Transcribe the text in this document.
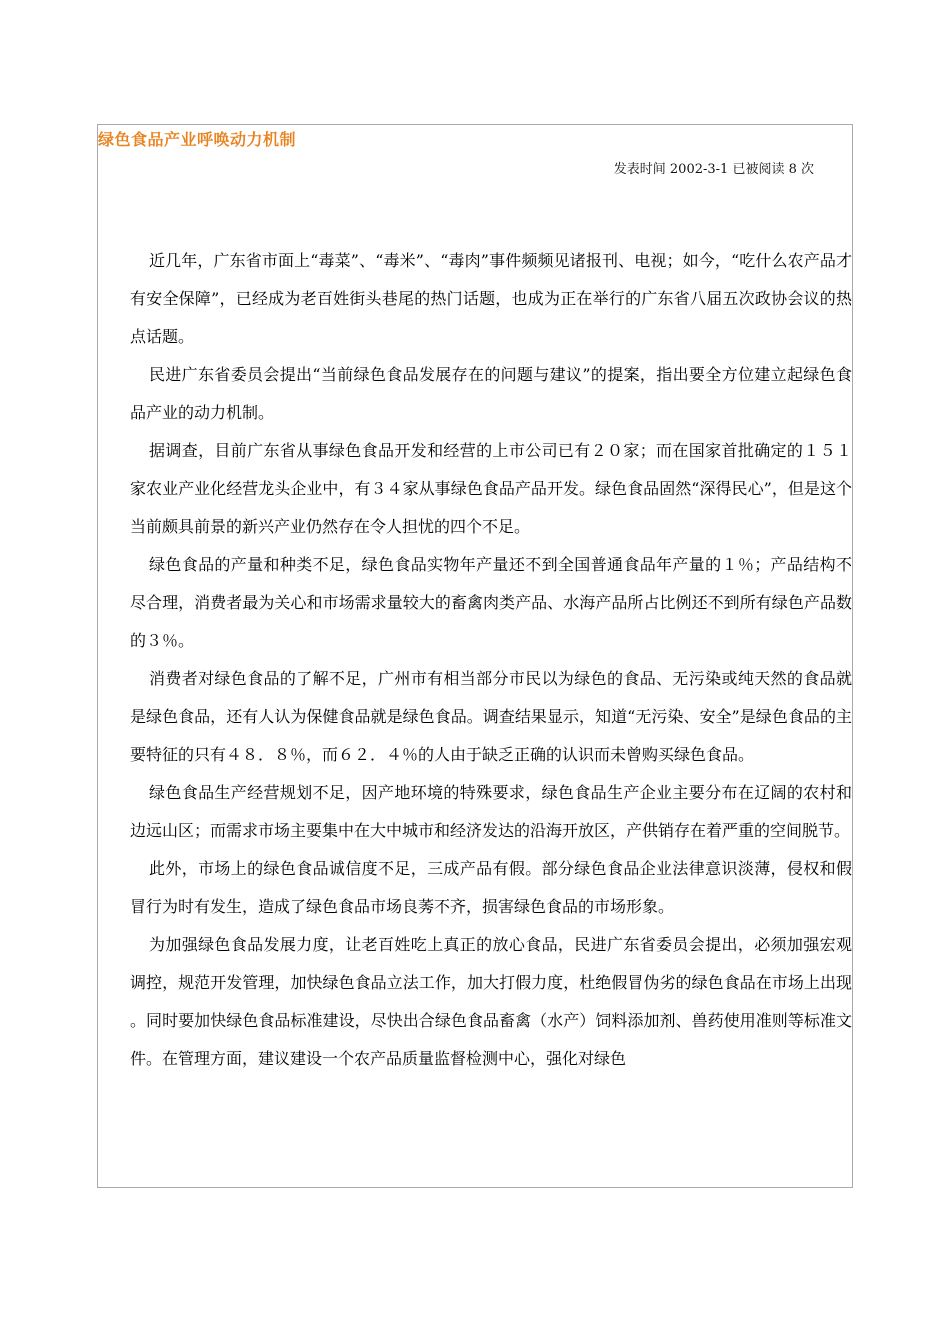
绿色食品产业呼唤动力机制
发表时间 2002-3-1 已被阅读 8 次

近几年，广东省市面上“毒菜”、“毒米”、“毒肉”事件频频见诸报刊、电视；如今，“吃什么农产品才有安全保障”，已经成为老百姓街头巷尾的热门话题，也成为正在举行的广东省八届五次政协会议的热点话题。

民进广东省委员会提出“当前绿色食品发展存在的问题与建议”的提案，指出要全方位建立起绿色食品产业的动力机制。

据调查，目前广东省从事绿色食品开发和经营的上市公司已有２０家；而在国家首批确定的１５１家农业产业化经营龙头企业中，有３４家从事绿色食品产品开发。绿色食品固然“深得民心”，但是这个当前颇具前景的新兴产业仍然存在令人担忧的四个不足。

绿色食品的产量和种类不足，绿色食品实物年产量还不到全国普通食品年产量的１％；产品结构不尽合理，消费者最为关心和市场需求量较大的畜禽肉类产品、水海产品所占比例还不到所有绿色产品数的３％。

消费者对绿色食品的了解不足，广州市有相当部分市民以为绿色的食品、无污染或纯天然的食品就是绿色食品，还有人认为保健食品就是绿色食品。调查结果显示，知道“无污染、安全”是绿色食品的主要特征的只有４８．８％，而６２．４％的人由于缺乏正确的认识而未曾购买绿色食品。

绿色食品生产经营规划不足，因产地环境的特殊要求，绿色食品生产企业主要分布在辽阔的农村和边远山区；而需求市场主要集中在大中城市和经济发达的沿海开放区，产供销存在着严重的空间脱节。

此外，市场上的绿色食品诚信度不足，三成产品有假。部分绿色食品企业法律意识淡薄，侵权和假冒行为时有发生，造成了绿色食品市场良莠不齐，损害绿色食品的市场形象。

为加强绿色食品发展力度，让老百姓吃上真正的放心食品，民进广东省委员会提出，必须加强宏观调控，规范开发管理，加快绿色食品立法工作，加大打假力度，杜绝假冒伪劣的绿色食品在市场上出现。同时要加快绿色食品标准建设，尽快出合绿色食品畜禽（水产）饲料添加剂、兽药使用准则等标准文件。在管理方面，建议建设一个农产品质量监督检测中心，强化对绿色
